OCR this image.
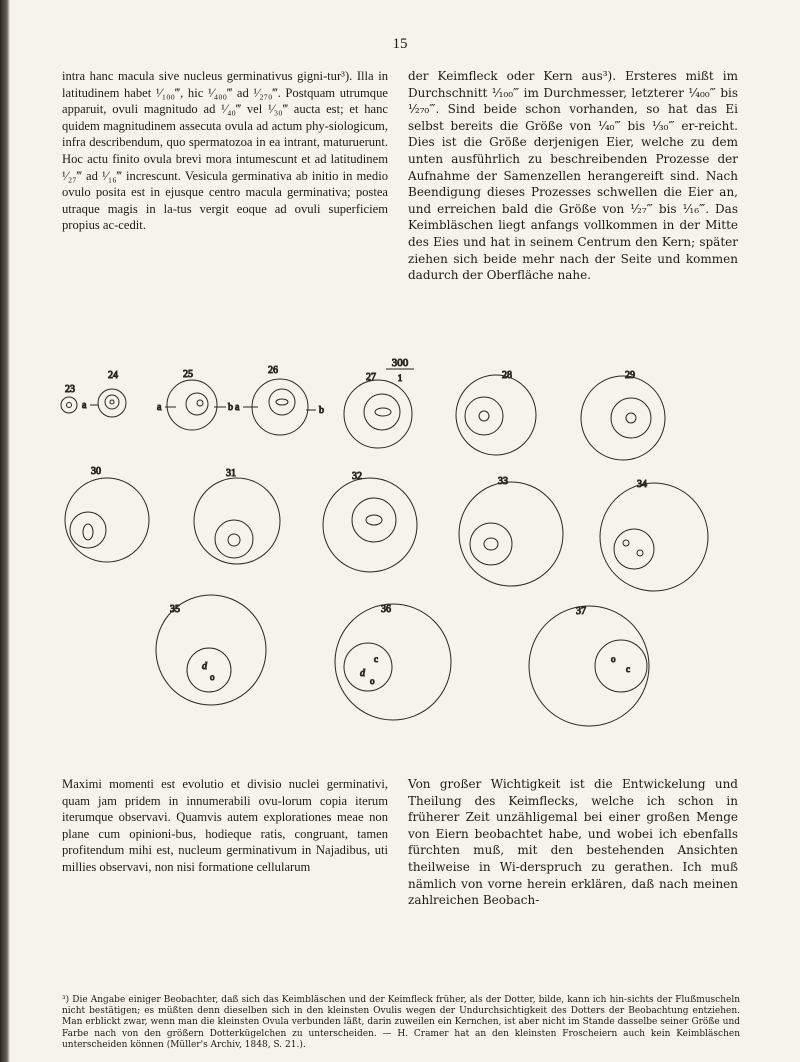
15

intra hanc macula sive nucleus germinativus gigni-tur³). Illa in latitudinem habet ¹⁄₁₀₀‴, hic ¹⁄₄₀₀‴ ad ¹⁄₂₇₀‴. Postquam utrumque apparuit, ovuli magnitudo ad ¹⁄₄₀‴ vel ¹⁄₃₀‴ aucta est; et hanc quidem magnitudinem assecuta ovula ad actum phy-siologicum, infra describendum, quo spermatozoa in ea intrant, maturuerunt. Hoc actu finito ovula brevi mora intumescunt et ad latitudinem ¹⁄₂₇‴ ad ¹⁄₁₆‴ increscunt. Vesicula germinativa ab initio in medio ovulo posita est in ejusque centro macula germinativa; postea utraque magis in la-tus vergit eoque ad ovuli superficiem propius ac-cedit.

der Keimfleck oder Kern aus³). Ersteres mißt im Durchschnitt ¹⁄₁₀₀‴ im Durchmesser, letzterer ¹⁄₄₀₀‴ bis ¹⁄₂₇₀‴. Sind beide schon vorhanden, so hat das Ei selbst bereits die Größe von ¹⁄₄₀‴ bis ¹⁄₃₀‴ er-reicht. Dies ist die Größe derjenigen Eier, welche zu dem unten ausführlich zu beschreibenden Prozesse der Aufnahme der Samenzellen herangereift sind. Nach Beendigung dieses Prozesses schwellen die Eier an, und erreichen bald die Größe von ¹⁄₂₇‴ bis ¹⁄₁₆‴. Das Keimbläschen liegt anfangs vollkommen in der Mitte des Eies und hat in seinem Centrum den Kern; später ziehen sich beide mehr nach der Seite und kommen dadurch der Oberfläche nahe.

300
1
23
24
a
25
a	b
26
a	b
27	28	29
30	31	32	33	34
35
d
o
36
c
d
o
37
o
c

Maximi momenti est evolutio et divisio nuclei germinativi, quam jam pridem in innumerabili ovu-lorum copia iterum iterumque observavi. Quamvis autem explorationes meae non plane cum opinioni-bus, hodieque ratis, congruant, tamen profitendum mihi est, nucleum germinativum in Najadibus, uti millies observavi, non nisi formatione cellularum

Von großer Wichtigkeit ist die Entwickelung und Theilung des Keimflecks, welche ich schon in früherer Zeit unzähligemal bei einer großen Menge von Eiern beobachtet habe, und wobei ich ebenfalls fürchten muß, mit den bestehenden Ansichten theilweise in Wi-derspruch zu gerathen. Ich muß nämlich von vorne herein erklären, daß nach meinen zahlreichen Beobach-

³) Die Angabe einiger Beobachter, daß sich das Keimbläschen und der Keimfleck früher, als der Dotter, bilde, kann ich hin-sichts der Flußmuscheln nicht bestätigen; es müßten denn dieselben sich in den kleinsten Ovulis wegen der Undurchsichtigkeit des Dotters der Beobachtung entziehen. Man erblickt zwar, wenn man die kleinsten Ovula verbunden läßt, darin zuweilen ein Kernchen, ist aber nicht im Stande dasselbe seiner Größe und Farbe nach von den größern Dotterkügelchen zu unterscheiden. — H. Cramer hat an den kleinsten Froscheiern auch kein Keimbläschen unterscheiden können (Müller's Archiv, 1848, S. 21.).
